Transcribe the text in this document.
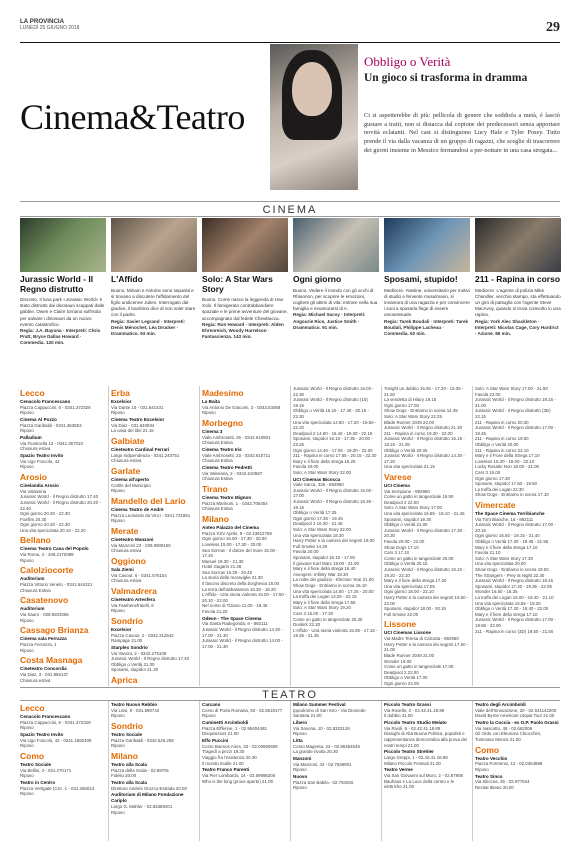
LA PROVINCIA
LUNEDÌ 25 GIUGNO 2018	29
Cinema&Teatro
Obbligo o Verità
Un gioco si trasforma in dramma
Ci si aspetterebbe di più: pellicola di genere che soddisfa a metà, è lasciò gustare a tratti, non si distacca dal copione dei predecessori senza apportare novità eclatanti. Nel cast si distinguono Lucy Hale e Tyler Posey. Tutto prende il via dalla vacanza di un gruppo di ragazzi, che sceglie di trascorrere dei giorni insieme in Messico fermandosi a per-nottare in una casa stregata...
CINEMA
Jurassic World - Il Regno distrutto
Discreto. Il luna park «Jurassic World» è stato distrutto dai dinosauri scappati dalle gabbie. Owen e Claire tornano sull'isola per salvare i dinosauri da un nuovo evento catastrofico.
Regia: J.A. Bayona · Interpreti: Chris Pratt, Bryce Dallas Howard · Commedia. 120 min.
L'Affido
Buono. Miriam e Antoine sono separati e si trovano a discutere l'affidamento del figlio undicenne Julien. Interrogato dal giudice, il bambino dice di non voler stare con il padre.
Regia: Xavier Legrand · Interpreti: Denis Ménochet, Léa Drucker · Drammatico. 93 min.
Solo: A Star Wars Story
Buono. Come nasce la leggenda di Han Solo. Il famigerato contrabbandiere spaziale e le prime avventure del giovane, accompagnato dal fedele Chewbacca.
Regia: Ron Howard · Interpreti: Alden Ehrenreich, Woody Harrelson · Fantascienza. 143 min.
Ogni giorno
Buono. Vedere il mondo con gli occhi di Rhiannon, per scoprire le emozioni, cogliere gli attimi di vita: entrare nella sua famiglia e innamorarsi di A.
Regia: Michael Sucsy · Interpreti: Angourie Rice, Justice Smith · Drammatico. 91 min.
Sposami, stupido!
Mediocre. Yassine, universitario per motivi di studio e fervente musulmano, si innamora di una ragazza e per convincere i suoi a sposarla finge di essere omosessuale.
Regia: Tarek Boudali · Interpreti: Tarek Boudali, Philippe Lacheau · Commedia. 92 min.
211 - Rapina in corso
Mediocre. L'agente di polizia Mike Chandler, vecchio stampo, sta effettuando un giro di pattuglia con l'agente Steve MacAvoy, quando si trova coinvolto in una rapina.
Regia: York Alec Shackleton · Interpreti: Nicolas Cage, Cory Hardrict · Azione. 86 min.
Lecco
Cenacolo Francescano
Piazza Cappuccini, 6 - 0341.372329
Riposo
Cinema Al Pozzo
Piazza Garibaldi - 0341.363553
Riposo
Palladium
Via Fiumicella 12 - 0341.367010
Chiusura estiva
Spazio Teatro Invito
Via Ugo Foscolo, 42
Riposo
Arosio
Cinelandia Arosio
Via Valassina
Jurassic World - Il Regno distrutto 17.40
Jurassic World - Il Regno distrutto 20.20 - 22.40
Ogni giorno 20.30 - 22.30
Foxfilm 20.30
Ogni giorno 20.30 - 22.30
Una vita spericolata 20.10 - 22.20
Bellano
Cinema Teatro Casa del Popolo
Via Roma, 4 - 349.2170389
Riposo
Calolziocorte
Auditorium
Piazza Vittorio Veneto - 0341.644221
Chiusura Estiva
Casatenovo
Auditorium
Via Sauro - 039.9203365
Riposo
Cassago Brianza
Cinema sala Ferrazza
Piazza Ferrazza, 1
Riposo
Costa Masnaga
Cineteatro Concordia
Via Diaz, 3 - 031.855137
Chiusura estiva
Erba
Excelsior
Via Dante 15 - 031.641431
Riposo
Cinema Teatro Excelsior
Via Diaz - 031.640934
La casa dei libri 21.15
Galbiate
Cineteatro Cardinal Ferrari
Largo Indipendenza - 0341.240751
Chiusura estiva
Garlate
Cinema all'aperto
Cortile del Municipio
Riposo
Mandello del Lario
Cinema Teatro de Andrè
Piazza Leonardo da Vinci - 0341.731851
Riposo
Merate
Cineteatro Manzoni
Via Manzoni 23 - 039.9909150
Chiusura estiva
Oggiono
Sala Ziemi
Via Cavour, 6 - 0341.576154
Chiusura estiva
Valmadrera
Cineteatro Artesfera
Via Fatebenefratelli, 6
Riposo
Sondrio
Excelsior
Piazza Cavour, 2 - 0342.212642
Rampage 21.00
Starplex Sondrio
Via Vanoni, 2 - 0342.275109
Jurassic World - Il Regno distrutto 17.40
Obbligo o Verità 21.00
Sposami, stupido! 21.30
Aprica
Madesimo
La Baita
Via Antonio De Giacomi, 3 - 0343.53068
Riposo
Morbegno
Cinema 3
Viale Ambrosetti, 25 - 0342.610901
Chiusura Estiva
Cinema Teatro Iris
Viale Ambrosetti, 23 - 0342.610711
Chiusura Estiva
Cinema Teatro Pedretti
Via Valeriana, 2 - 0342.610687
Chiusura Estiva
Tirano
Cinema Teatro Mignon
Piazza Marinoni, 1 - 0342.705454
Chiusura Estiva
Milano
Anteo Palazzo del Cinema
Piazza XXV Aprile, 8 - 02.43912769
Ogni giorno 15.00 - 17.30 - 20.00
Loveless 15.00 - 17.30 - 20.00
Sea Sorrow - Il dolore del mare 15.00 - 17.45
Manuel 19.30 - 21.30
Hotel Gagarin 21.45
Sea Sorrow 16.30 - 20.45
La storia delle meraviglie 21.30
Il fascino discreto della borghesia 16.00
La terra dell'abbastanza 16.30 - 18.20
L'Affido - Una storia violenta 15.00 - 17.50 - 20.10 - 22.00
Nel nome di Tiziano 11.00 - 18.45
Favola 21.20
Odeon - The Space Cinema
Via Santa Radegonda, 8 - 892111
Jurassic World - Il Regno distrutto 14.30 - 17.00 - 21.30
Jurassic World - Il Regno distrutto 14.00 - 17.00 - 21.30
Jurassic World - Il Regno distrutto 16.00 - 22.30
Jurassic World - Il Regno distrutto (16) 19.15
Obbligo o Verità 15.15 - 17.40 - 20.15 - 22.30
Una vita spericolata 14.50 - 17.20 - 19.50 - 22.20
Deadpool 2 14.00 - 16.45 - 19.30 - 22.15
Sposami, stupido! 15.10 - 17.35 - 20.00 - 22.25
Ogni giorno 14.40 - 17.05 - 19.30 - 22.00
211 - Rapina in corso 17.55 - 20.15 - 22.30
Mary e il fiore della strega 15.25
Favola 20.00
Solo: A Star Wars Story 22.00
UCI Cinemas Bicocca
Viale Sarca, 336 - 892960
Jurassic World - Il Regno distrutto 15.00 - 17.00
Jurassic World - Il Regno distrutto 16.30 - 19.15
Obbligo o Verità 17.25
Ogni giorno 17.35 - 19.45
Deadpool 2 16.30 - 21.45
Solo: A Star Wars Story 22.00
Una vita spericolata 18.30
Harry Potter e la camera dei segreti 19.00
Full Smoke 14.30
Favola 20.00
Sposami, stupido! 15.10 - 17.50
Il giovane Karl Marx 19.00 - 21.00
Mary e il fiore della strega 16.40
Avengers: Infinity War 18.30
La notte dei giudizio - Election Year 21.00
Show Dogs - Entriamo in scena 15.10
Una vita spericolata 14.50 - 17.25 - 20.00
La truffa dei Logan 14.25 - 22.15
Mary e il fiore della strega 17.55
Solo: A Star Wars Story 19.20
Cars 3 15.00 - 17.30
Come un gatto in tangenziale 20.30
Dunkirk 22.20
L'Affido - Una storia violenta 15.05 - 17.15 - 19.25 - 21.35
Tonight un dubbio 15.05 - 17.20 - 19.35 - 21.50
La vendetta di Hilary 19.15
Ogni giorno 17.00
Show Dogs - Entriamo in scena 14.45
Solo: A Star Wars Story 22.25
Blade Runner 2049 22.00
Jurassic World - Il Regno distrutto 21.30
211 - Rapina in corso 19.30 - 22.00
Jurassic World - Il Regno distrutto 15.15 - 18.15 - 21.05
Obbligo o Verità 20.05
Jurassic World - Il Regno distrutto 14.30 - 17.20
Una vita spericolata 21.15
Varese
UCI Cinema
Via Sempione - 892960
Come un gatto in tangenziale 19.50
Deadpool 2 22.00
Solo: A Star Wars Story 17.00
Una vita spericolata 16.55 - 19.10 - 21.45
Sposami, stupido! 19.30
Obbligo o Verità 21.00
Jurassic World - Il Regno distrutto 17.30 - 20.30
Favola 20.00 - 22.00
Show Dogs 17.10
Cars 3 17.10
Come un gatto in tangenziale 20.00
Obbligo o Verità 20.15
Jurassic World - Il Regno distrutto 16.10 - 19.20 - 22.10
Mary e il fiore della strega 17.20
Una vita spericolata 17.05
Ogni giorno 18.00 - 22.10
Harry Potter e la camera dei segreti 19.50 - 22.00
Sposami, stupido! 18.00 - 20.15
Full Smoke 22.00
Lissone
UCI Cinemas Lissone
Via Madre Teresa di Calcutta - 892960
Harry Potter e la camera dei segreti 17.50 - 21.00
Blade Runner 2049 21.00
Wonder 18.00
Come un gatto in tangenziale 17.00
Deadpool 2 22.00
Obbligo o Verità 17.00
Ogni giorno 22.00
Solo: A Star Wars Story 17.00 - 21.50
Favola 22.00
Jurassic World - Il Regno distrutto 18.15 - 21.00
Jurassic World - Il Regno distrutto (3D) 22.15
211 - Rapina in corso 20.30
Jurassic World - Il Regno distrutto 17.00 - 19.45
211 - Rapina in corso 19.50
Obbligo o Verità 20.00
211 - Rapina in corso 22.10
Mary e il Fiore della Strega 17.10
Loveless 15.30 - 18.00 - 22.10
Lucky Rosatie Non 18.00 - 21.00
Cars 3 16.00
Ogni giorno 17.30
Sposami, stupido! 17.50 - 19.50
La truffa dei Logan 22.30
Show Dogs - Entriamo in scena 17.10
Vimercate
The Space Cinema Torribianche
Via Torri Bianche, 16 - 892111
Jurassic World - Il Regno distrutto 17.00 - 20.15
Ogni giorno 16.50 - 19.15 - 21.40
Obbligo o Verità 17.20 - 19.45 - 21.55
Mary e il fiore della strega 17.10
Favola 21.10
Solo: A Star Wars Story 17.30
Una vita spericolata 20.00
Show Dogs - Entriamo in scena 19.50
The Strangers - Prey at Night 22.30
Jurassic World - Il Regno distrutto 18.45
Sposami, stupido! 17.20 - 19.35 - 22.05
Wonder 16.50 - 18.35
La truffa dei Logan 16.00 - 18.40 - 21.10
Una vita spericolata 16.55 - 19.20
Obbligo o Verità 17.20 - 19.40 - 22.00
Mary e il fiore della strega 17.10
Jurassic World - Il Regno distrutto 17.00 - 19.55 - 22.00
211 - Rapina in corso (3D) 19.50 - 21.50
TEATRO
Lecco
Cenacolo Francescano
Piazza Cappuccini, 6 - 0341.372329
Riposo
Spazio Teatro Invito
Via Ugo Foscolo, 42 - 0341.1582409
Riposo
Como
Teatro Sociale
Via Bellini, 3 - 031.270171
Riposo
Teatro in Centro
Piazza Vertigate (Circ. 1 - 031.266013
Riposo
Teatro Nuovo Rebbio
Via Lissi, 9 - 031.590744
Riposo
Sondrio
Teatro Sociale
Piazza Garibaldi - 0342.526.255
Riposo
Milano
Teatro alla Scala
Piazza della Scala - 02.88791
Fidelio 20.00
Teatro alla Scala
Direttore Andrés Orozco-Estrada 20.00
Auditorium di Milano Fondazione Cariplo
Largo G. Mahler - 02.83389201
Riposo
Carcano
Corso di Porta Romana, 63 - 02.5518177
Riposo
Cuminetti Arcimboldi
Piazza Elffenne, 1 - 02.95404482
Disquisizioni 21.00
Elfo Puccini
Corso Buenos Aires, 33 - 02.00660606
Tragedì a pezzi 19.30
Viaggio fra l'esistenza 20.30
Il mondo inutile 21.00
Teatro Franco Parenti
Via Pier Lombardo, 14 - 02.59995206
Who is the king (prove aperte) 21.00
Milano Summer Festival
Ippodromo di San Siro - Via Diomede
Santana 21.00
Libero
Via Savona, 10 - 02.8323126
Riposo
Litta
Corso Magenta, 24 - 02.86454545
La grande rivolta 20.30
Manzoni
Via Manzoni, 42 - 02.7636901
Riposo
Nuovo
Piazza San Babila - 02.794026
Riposo
Piccolo Teatro Grassi
Via Rovello, 2 - 02.42.41.18.89
Il dubbio 21.00
Piccolo Teatro Studio Melato
Via Rivoli, 6 - 02.42.41.18.89
Dialoghi di Alta Buona Politica, populisti e rappresentanza democratica alla prova dei nostri tempi 21.00
Piccolo Teatro Strehler
Largo Greppi, 1 - 02.42.41.18.89
Milano Piccolo Festival 21.00
Teatro Verme
Via San Giovanni sul Muro, 2 - 02.87905
Bauhaus e La Luce della centro e le elettriche 21.00
Teatro degli Arcimboldi
Viale dell'Innovazione, 20 - 02.641142200
David Byrne American Utopia Tour 21.00
Teatro la Cuccia - ex O.P. Paolo Grassi
Via Ivascotto, 45 - 02.662006
Gli Ordo con Eleonora Chiocchini, Tommaso Monza 21.00
Como
Teatro Vecchio
Piazza Pormensi, 12 - 02.0364888
Riposo
Teatro Sinco
Via Siliccea, 36 - 02.977524
Recital Ibiano 20.00
